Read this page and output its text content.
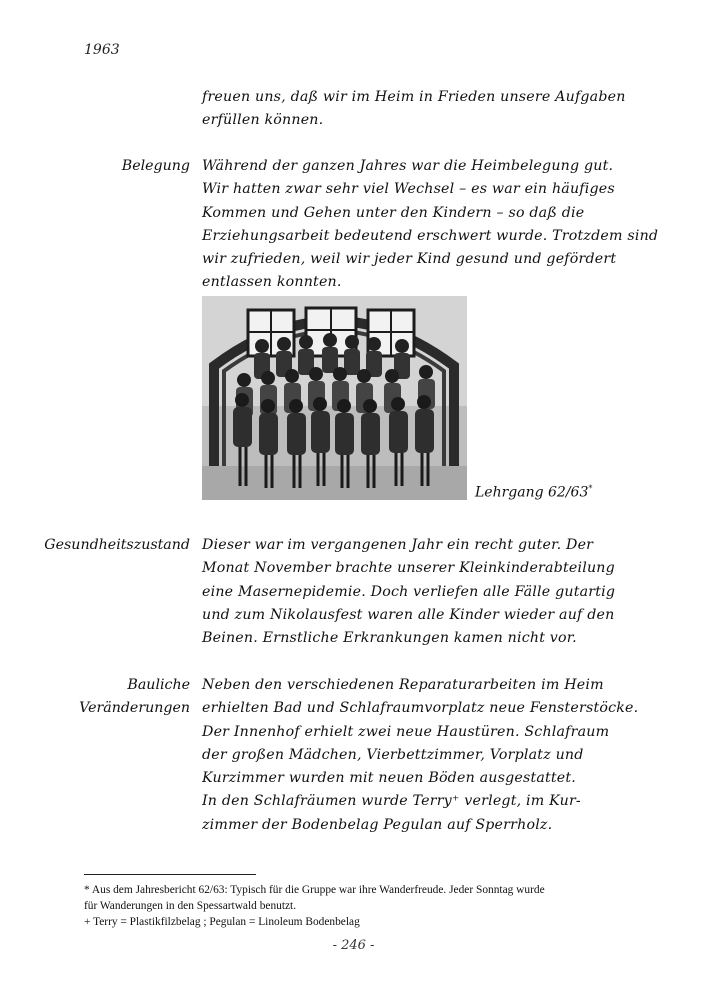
1963
freuen uns, daß wir im Heim in Frieden unsere Aufgaben
erfüllen können.
Belegung Während der ganzen Jahres war die Heimbelegung gut.
Wir hatten zwar sehr viel Wechsel – es war ein häufiges
Kommen und Gehen unter den Kindern – so daß die
Erziehungsarbeit bedeutend erschwert wurde. Trotzdem sind
wir zufrieden, weil wir jeder Kind gesund und gefördert
entlassen konnten.
Lehrgang 62/63*
Gesundheitszustand Dieser war im vergangenen Jahr ein recht guter. Der
Monat November brachte unserer Kleinkinderabteilung
eine Masernepidemie. Doch verliefen alle Fälle gutartig
und zum Nikolausfest waren alle Kinder wieder auf den
Beinen. Ernstliche Erkrankungen kamen nicht vor.
Bauliche
Veränderungen
Neben den verschiedenen Reparaturarbeiten im Heim
erhielten Bad und Schlafraumvorplatz neue Fensterstöcke.
Der Innenhof erhielt zwei neue Haustüren. Schlafraum
der großen Mädchen, Vierbettzimmer, Vorplatz und
Kurzimmer wurden mit neuen Böden ausgestattet.
In den Schlafräumen wurde Terry⁺ verlegt, im Kur-
zimmer der Bodenbelag Pegulan auf Sperrholz.
* Aus dem Jahresbericht 62/63: Typisch für die Gruppe war ihre Wanderfreude. Jeder Sonntag wurde
für Wanderungen in den Spessartwald benutzt.
+ Terry = Plastikfilzbelag ; Pegulan = Linoleum Bodenbelag
- 246 -
